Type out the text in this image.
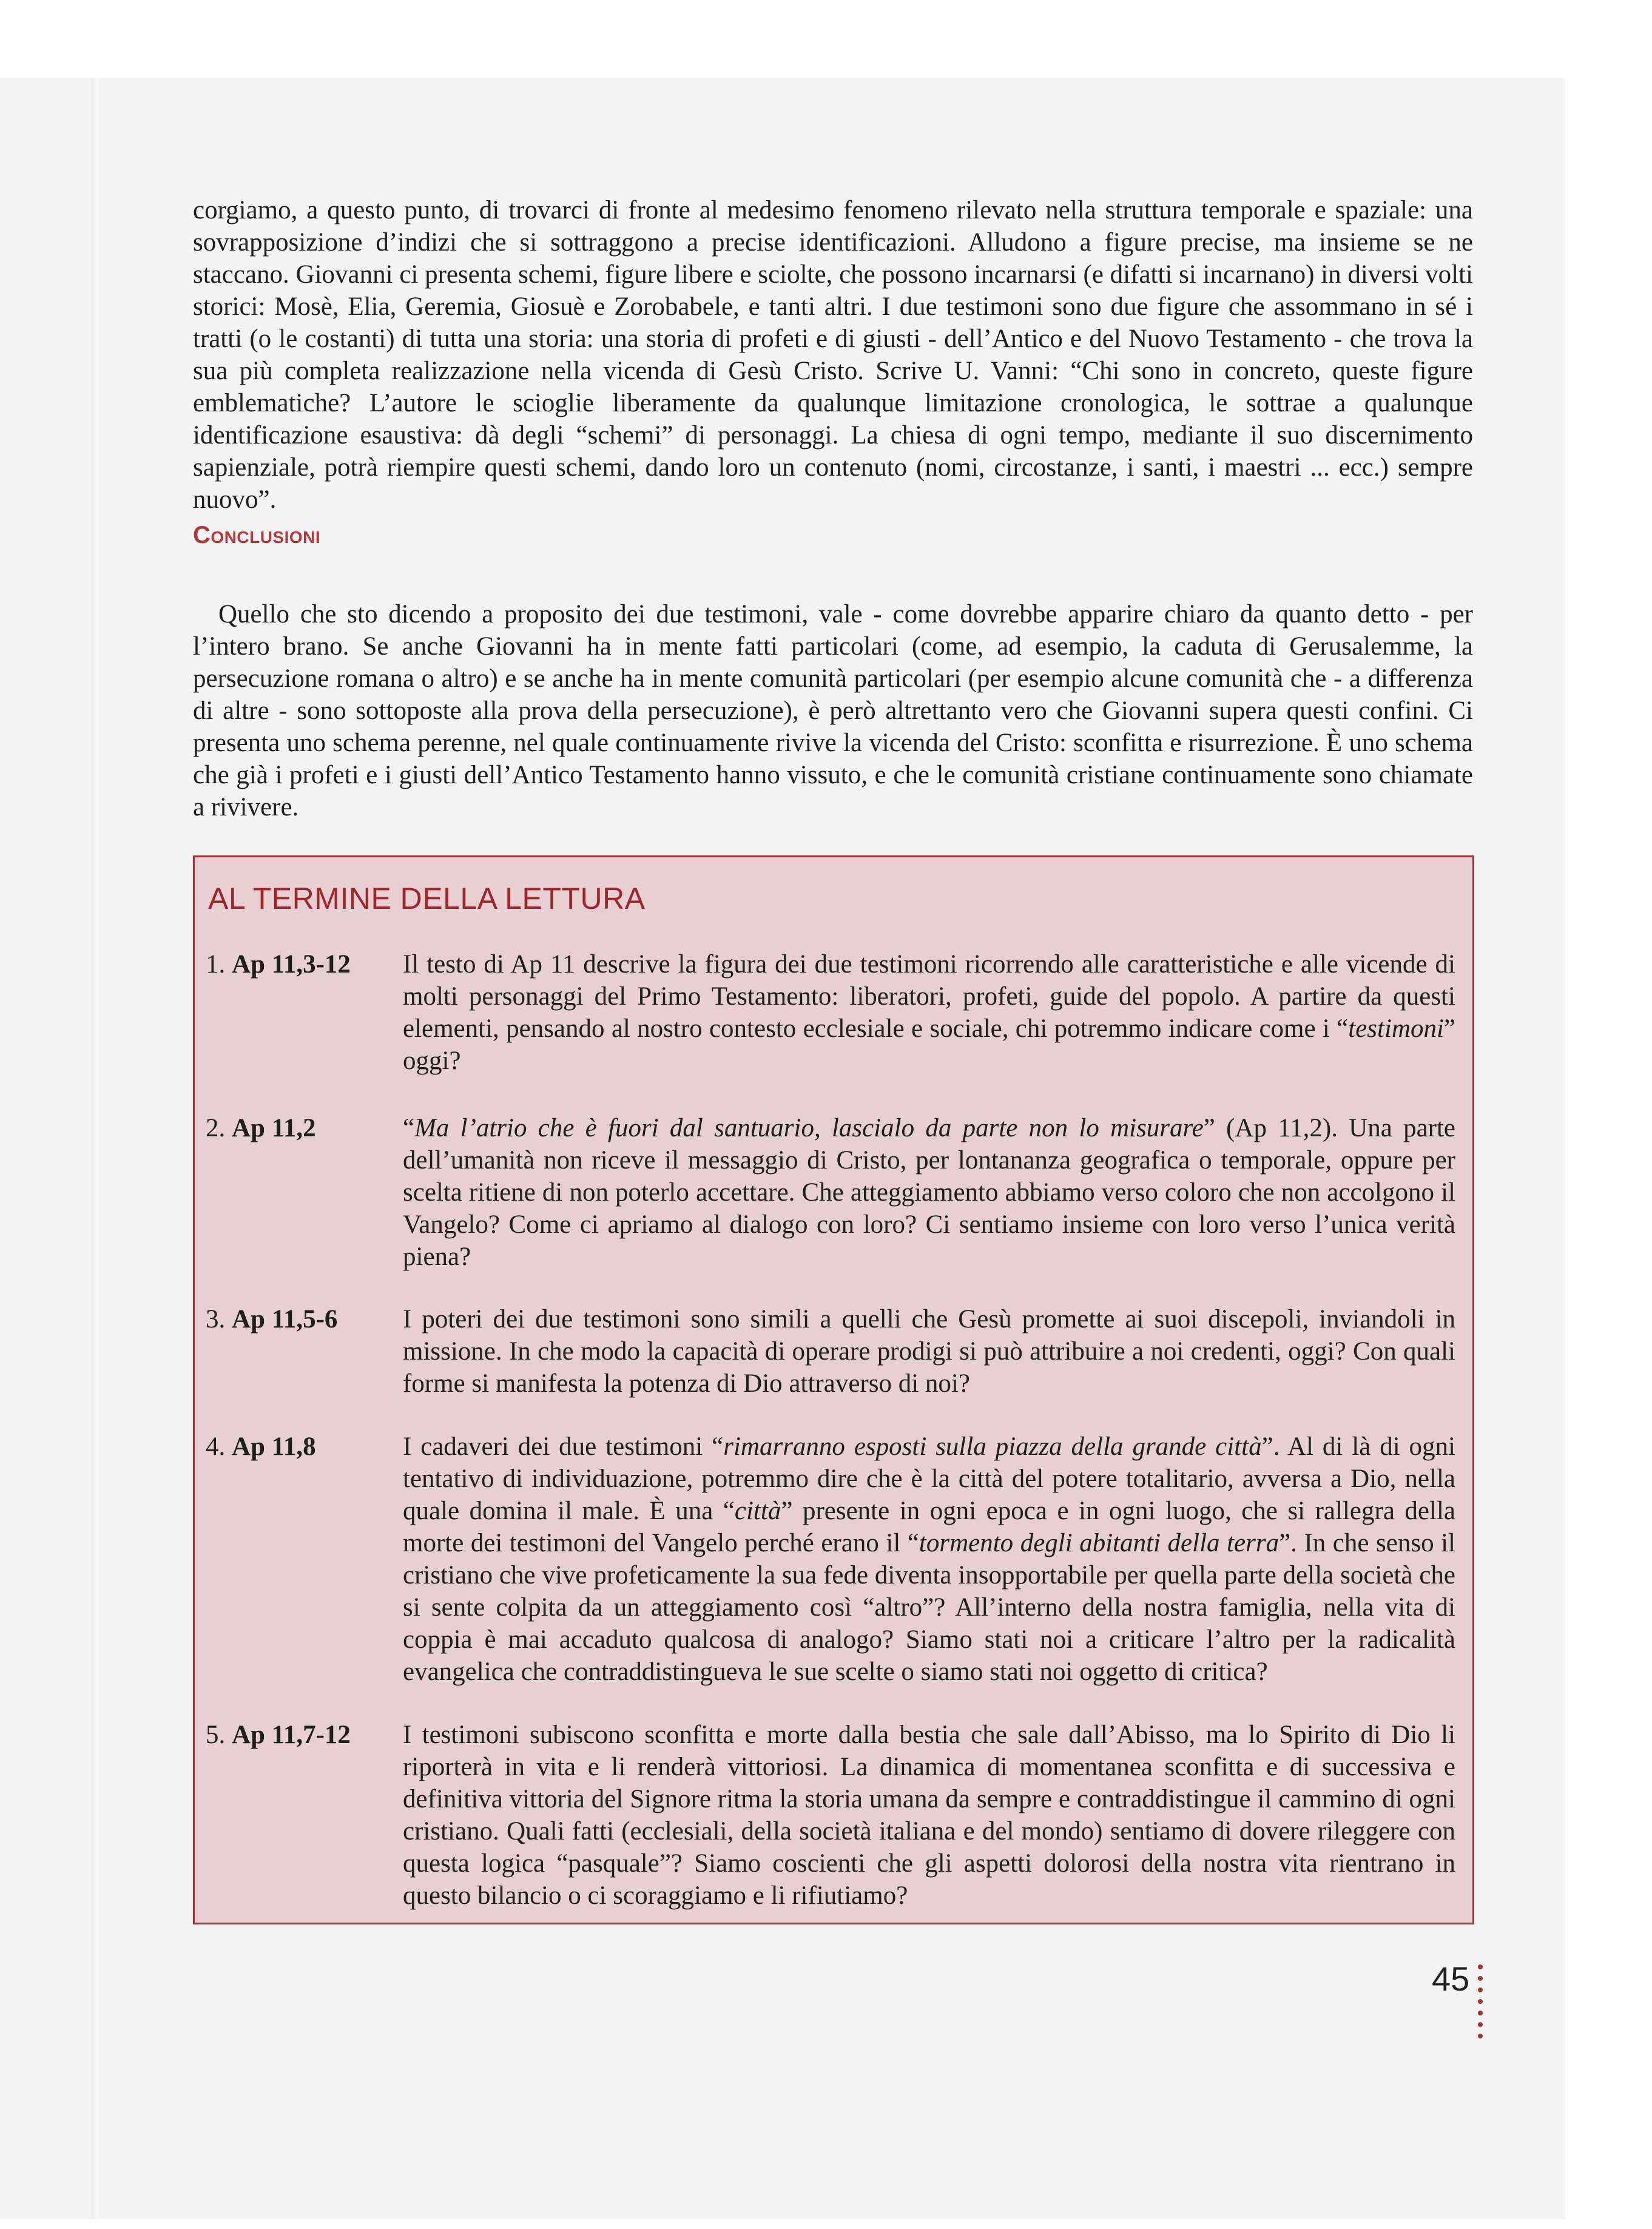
corgiamo, a questo punto, di trovarci di fronte al medesimo fenomeno rilevato nella struttura temporale e spaziale: una sovrapposizione d’indizi che si sottraggono a precise identificazioni. Alludono a figure precise, ma insieme se ne staccano. Giovanni ci presenta schemi, figure libere e sciolte, che possono incarnarsi (e difatti si incarnano) in diversi volti storici: Mosè, Elia, Geremia, Giosuè e Zorobabele, e tanti altri. I due testimoni sono due figure che assommano in sé i tratti (o le costanti) di tutta una storia: una storia di profeti e di giusti - dell’Antico e del Nuovo Testamento - che trova la sua più completa realizzazione nella vicenda di Gesù Cristo. Scrive U. Vanni: “Chi sono in concreto, queste figure emblematiche? L’autore le scioglie liberamente da qualunque limitazione cronologica, le sottrae a qualunque identificazione esaustiva: dà degli “schemi” di personaggi. La chiesa di ogni tempo, mediante il suo discernimento sapienziale, potrà riempire questi schemi, dando loro un contenuto (nomi, circostanze, i santi, i maestri ... ecc.) sempre nuovo”.

Conclusioni

Quello che sto dicendo a proposito dei due testimoni, vale - come dovrebbe apparire chiaro da quanto detto - per l’intero brano. Se anche Giovanni ha in mente fatti particolari (come, ad esempio, la caduta di Gerusalemme, la persecuzione romana o altro) e se anche ha in mente comunità particolari (per esempio alcune comunità che - a differenza di altre - sono sottoposte alla prova della persecuzione), è però altrettanto vero che Giovanni supera questi confini. Ci presenta uno schema perenne, nel quale continuamente rivive la vicenda del Cristo: sconfitta e risurrezione. È uno schema che già i profeti e i giusti dell’Antico Testamento hanno vissuto, e che le comunità cristiane continuamente sono chiamate a rivivere.

AL TERMINE DELLA LETTURA
1. Ap 11,3-12	Il testo di Ap 11 descrive la figura dei due testimoni ricorrendo alle caratteristiche e alle vicende di molti personaggi del Primo Testamento: liberatori, profeti, guide del popolo. A partire da questi elementi, pensando al nostro contesto ecclesiale e sociale, chi potremmo indicare come i “testimoni” oggi?

2. Ap 11,2	“Ma l’atrio che è fuori dal santuario, lascialo da parte non lo misurare” (Ap 11,2). Una parte dell’umanità non riceve il messaggio di Cristo, per lontananza geografica o temporale, oppure per scelta ritiene di non poterlo accettare. Che atteggiamento abbiamo verso coloro che non accolgono il Vangelo? Come ci apriamo al dialogo con loro? Ci sentiamo insieme con loro verso l’unica verità piena?

3. Ap 11,5-6	I poteri dei due testimoni sono simili a quelli che Gesù promette ai suoi discepoli, inviandoli in missione. In che modo la capacità di operare prodigi si può attribuire a noi credenti, oggi? Con quali forme si manifesta la potenza di Dio attraverso di noi?

4. Ap 11,8	I cadaveri dei due testimoni “rimarranno esposti sulla piazza della grande città”. Al di là di ogni tentativo di individuazione, potremmo dire che è la città del potere totalitario, avversa a Dio, nella quale domina il male. È una “città” presente in ogni epoca e in ogni luogo, che si rallegra della morte dei testimoni del Vangelo perché erano il “tormento degli abitanti della terra”. In che senso il cristiano che vive profeticamente la sua fede diventa insopportabile per quella parte della società che si sente colpita da un atteggiamento così “altro”? All’interno della nostra famiglia, nella vita di coppia è mai accaduto qualcosa di analogo? Siamo stati noi a criticare l’altro per la radicalità evangelica che contraddistingueva le sue scelte o siamo stati noi oggetto di critica?

5. Ap 11,7-12	I testimoni subiscono sconfitta e morte dalla bestia che sale dall’Abisso, ma lo Spirito di Dio li riporterà in vita e li renderà vittoriosi. La dinamica di momentanea sconfitta e di successiva e definitiva vittoria del Signore ritma la storia umana da sempre e contraddistingue il cammino di ogni cristiano. Quali fatti (ecclesiali, della società italiana e del mondo) sentiamo di dovere rileggere con questa logica “pasquale”? Siamo coscienti che gli aspetti dolorosi della nostra vita rientrano in questo bilancio o ci scoraggiamo e li rifiutiamo?

45
